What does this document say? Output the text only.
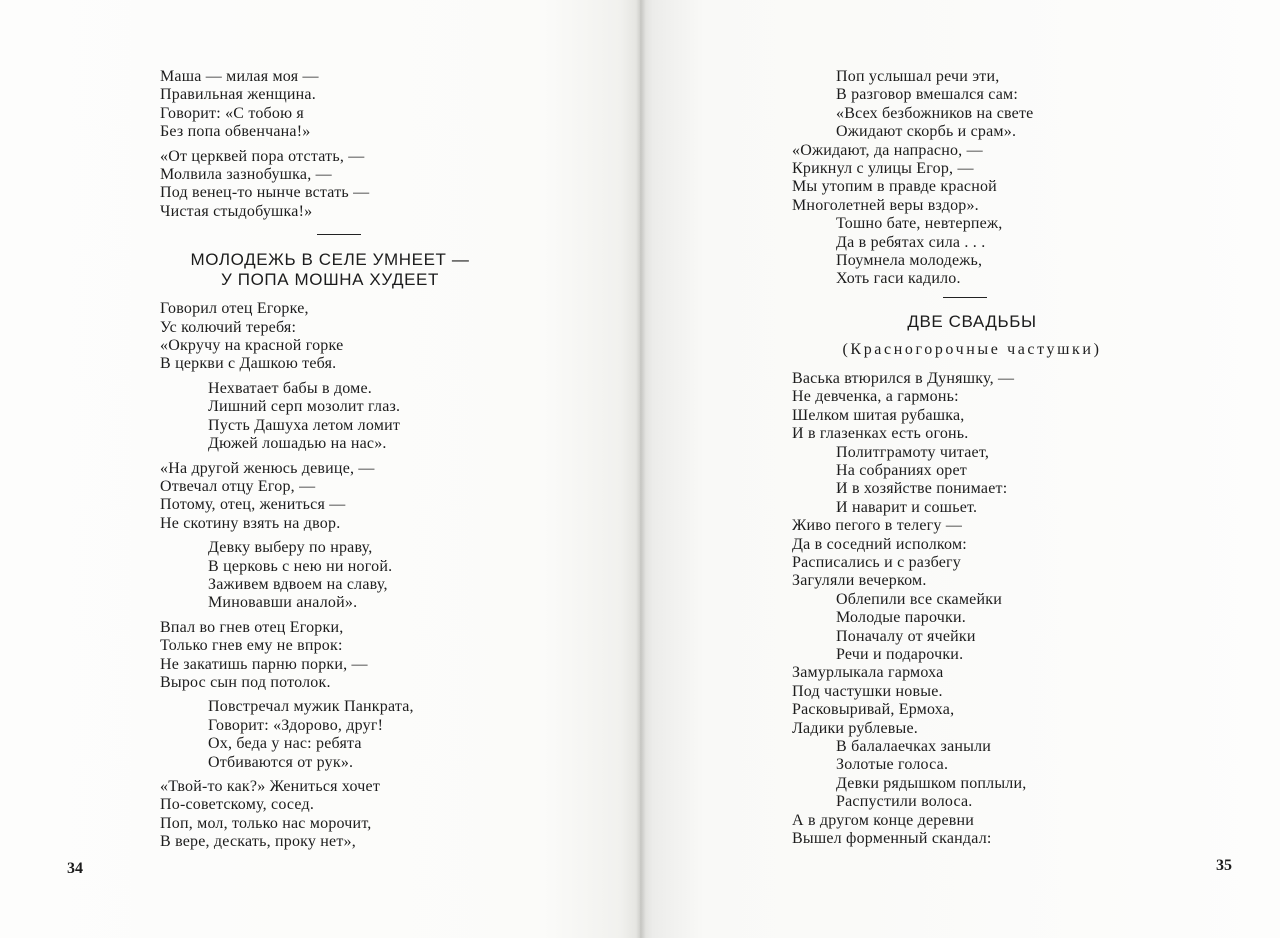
Маша — милая моя —
Правильная женщина.
Говорит: «С тобою я
Без попа обвенчана!»
«От церквей пора отстать, —
Молвила зазнобушка, —
Под венец-то нынче встать —
Чистая стыдобушка!»
МОЛОДЕЖЬ В СЕЛЕ УМНЕЕТ —
У ПОПА МОШНА ХУДЕЕТ
Говорил отец Егорке,
Ус колючий теребя:
«Окручу на красной горке
В церкви с Дашкою тебя.
Нехватает бабы в доме.
Лишний серп мозолит глаз.
Пусть Дашуха летом ломит
Дюжей лошадью на нас».
«На другой женюсь девице, —
Отвечал отцу Егор, —
Потому, отец, жениться —
Не скотину взять на двор.
Девку выберу по нраву,
В церковь с нею ни ногой.
Заживем вдвоем на славу,
Миновавши аналой».
Впал во гнев отец Егорки,
Только гнев ему не впрок:
Не закатишь парню порки, —
Вырос сын под потолок.
Повстречал мужик Панкрата,
Говорит: «Здорово, друг!
Ох, беда у нас: ребята
Отбиваются от рук».
«Твой-то как?» Жениться хочет
По-советскому, сосед.
Поп, мол, только нас морочит,
В вере, дескать, проку нет»,
34
Поп услышал речи эти,
В разговор вмешался сам:
«Всех безбожников на свете
Ожидают скорбь и срам».
«Ожидают, да напрасно, —
Крикнул с улицы Егор, —
Мы утопим в правде красной
Многолетней веры вздор».
Тошно бате, невтерпеж,
Да в ребятах сила . . .
Поумнела молодежь,
Хоть гаси кадило.
ДВЕ СВАДЬБЫ
(Красногорочные частушки)
Васька втюрился в Дуняшку, —
Не девченка, а гармонь:
Шелком шитая рубашка,
И в глазенках есть огонь.
Политграмоту читает,
На собраниях орет
И в хозяйстве понимает:
И наварит и сошьет.
Живо пегого в телегу —
Да в соседний исполком:
Расписались и с разбегу
Загуляли вечерком.
Облепили все скамейки
Молодые парочки.
Поначалу от ячейки
Речи и подарочки.
Замурлыкала гармоха
Под частушки новые.
Расковыривай, Ермоха,
Ладики рублевые.
В балалаечках заныли
Золотые голоса.
Девки рядышком поплыли,
Распустили волоса.
А в другом конце деревни
Вышел форменный скандал:
35
